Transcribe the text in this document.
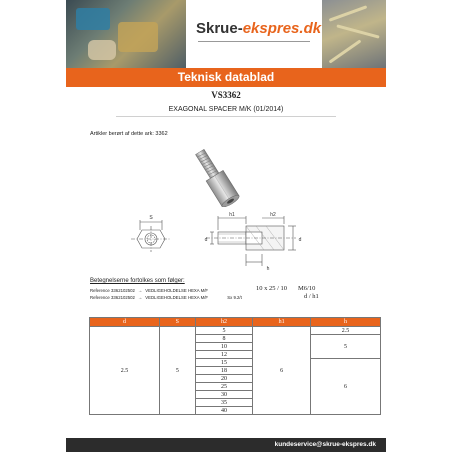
Skrue-ekspres.dk
Teknisk datablad
VS3362
EXAGONAL SPACER M/K (01/2014)
Artikler berørt af dette ark: 3362
S	h1	h2
d	d
h
Betegnelserne fortolkes som følger:
Reference 3362102502 → VEDLIGEHOLDELSE HEXA M/F
Reference 3362102502 → VEDLIGEHOLDELSE HEXA M/F	Sx 9.2/t
10 x 25 / 10 M6/10
d / h1
d	S	h2	h1	h
2.5	5	5	6	2.5
		8		5
		10		
		12		
		15		6
		18		
		20		
		25		
		30		
		35		
		40		
kundeservice@skrue-ekspres.dk
